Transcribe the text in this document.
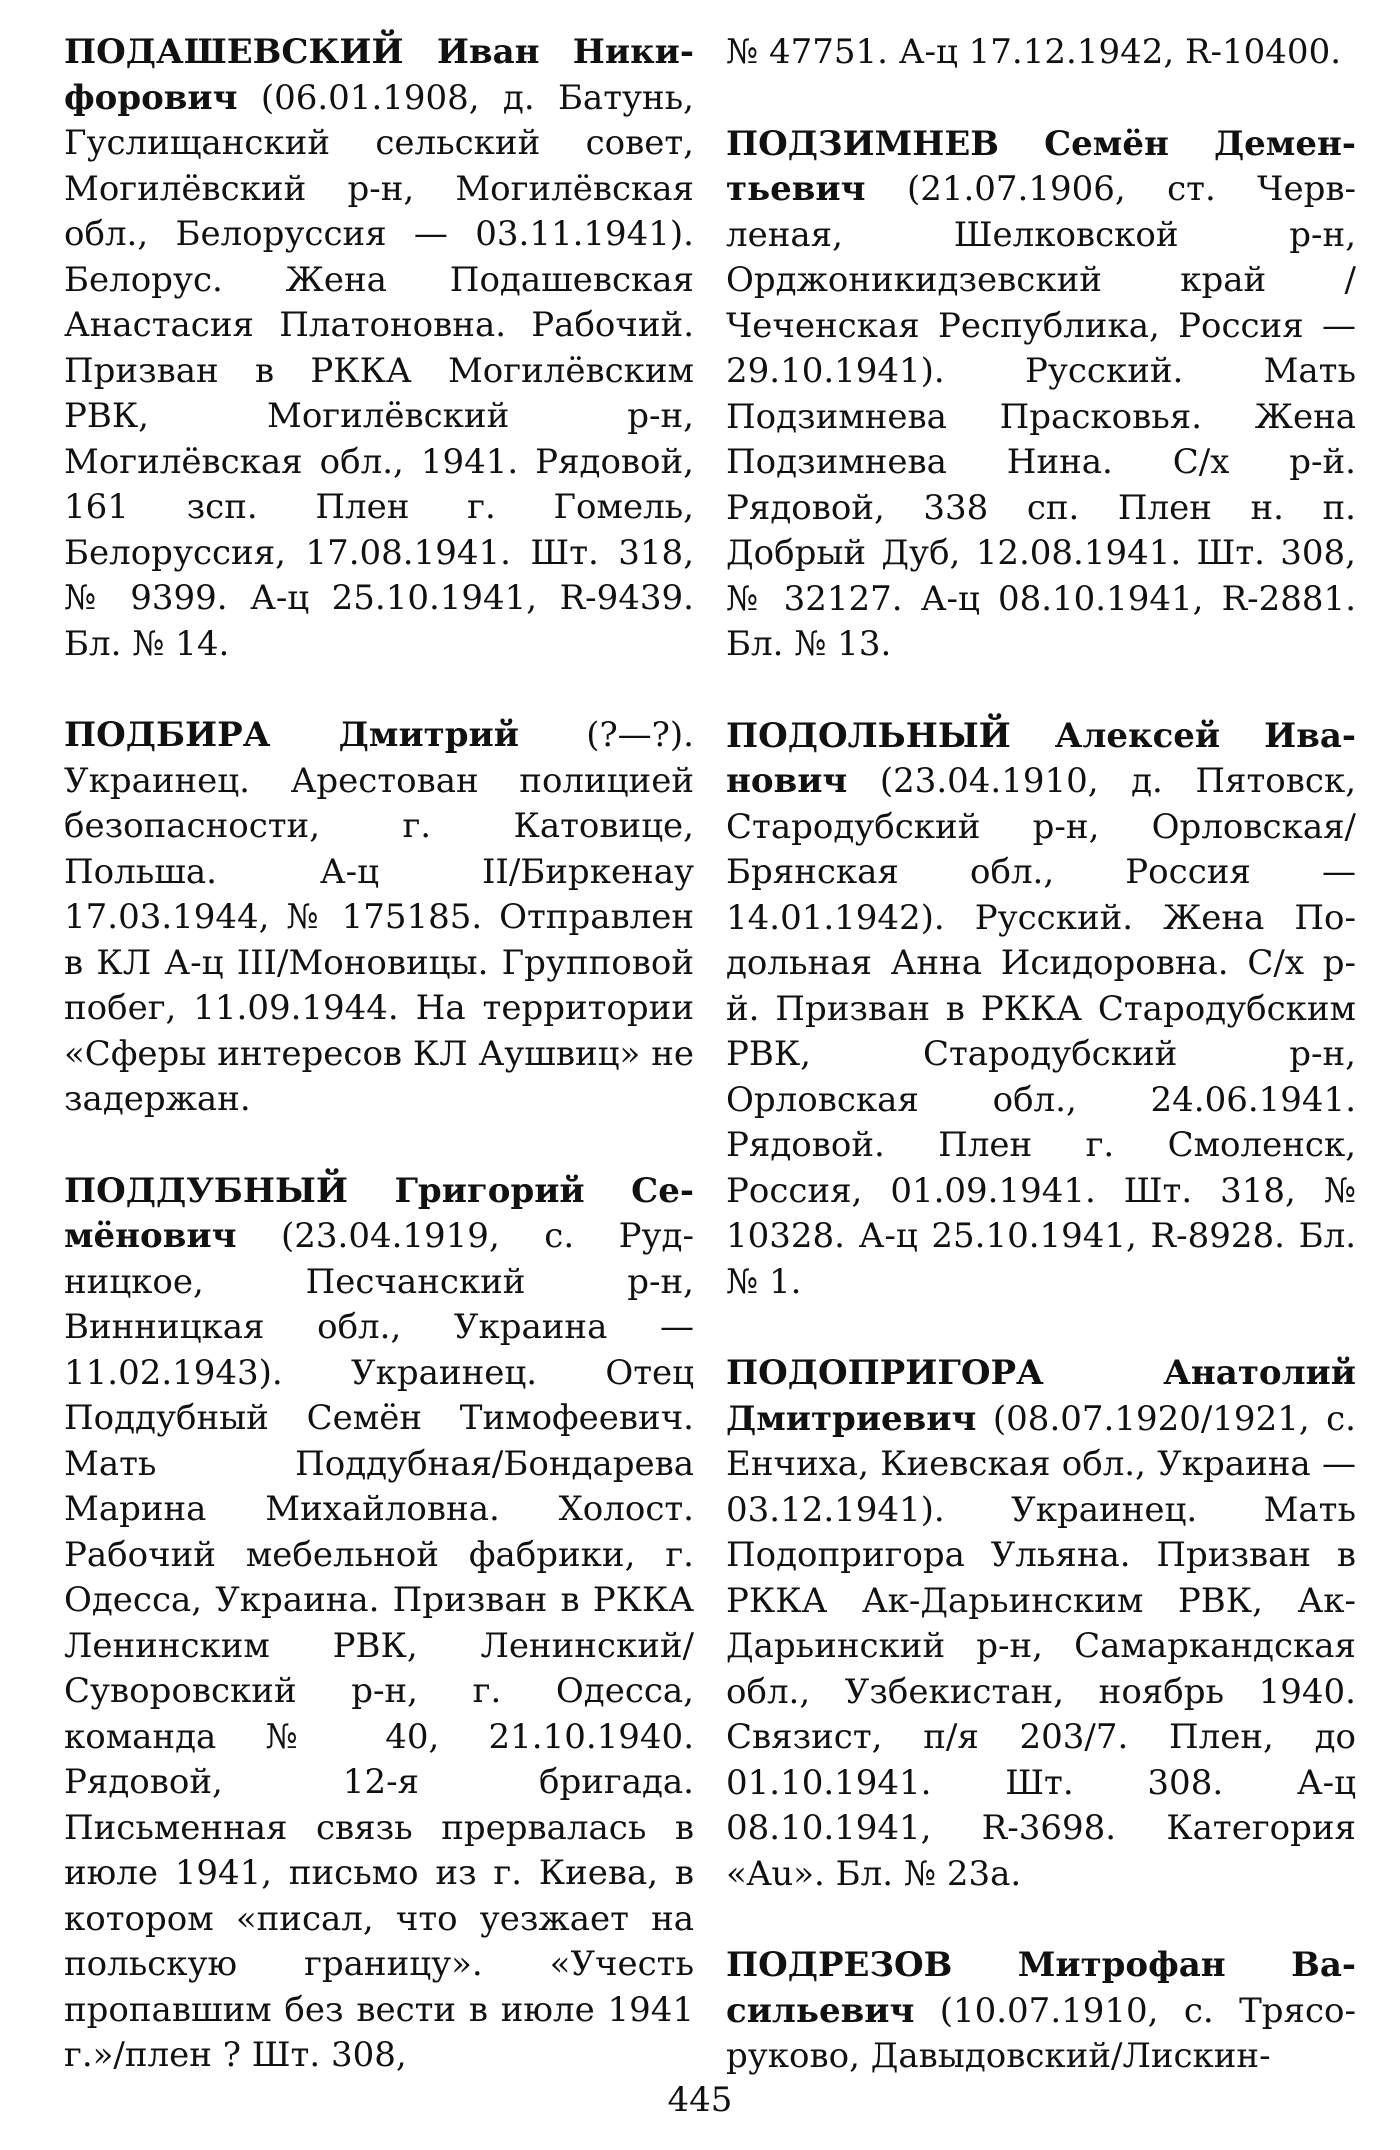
ПОДАШЕВСКИЙ Иван Никифорович (06.01.1908, д. Батунь, Гуслищанский сельский совет, Могилёвский р-н, Могилёвская обл., Белоруссия — 03.11.1941). Белорус. Жена Подашевская Анастасия Платоновна. Рабочий. Призван в РККА Могилёвским РВК, Могилёвский р-н, Могилёвская обл., 1941. Рядовой, 161 зсп. Плен г. Гомель, Белоруссия, 17.08.1941. Шт. 318, № 9399. А-ц 25.10.1941, R-9439. Бл. № 14.

ПОДБИРА Дмитрий (?—?). Украинец. Арестован полицией безопасности, г. Катовице, Польша. А-ц II/Биркенау 17.03.1944, № 175185. Отправлен в КЛ А-ц III/Моновицы. Групповой побег, 11.09.1944. На территории «Сферы интересов КЛ Аушвиц» не задержан.

ПОДДУБНЫЙ Григорий Семёнович (23.04.1919, с. Рудницкое, Песчанский р-н, Винницкая обл., Украина — 11.02.1943). Украинец. Отец Поддубный Семён Тимофеевич. Мать Поддубная/Бондарева Марина Михайловна. Холост. Рабочий мебельной фабрики, г. Одесса, Украина. Призван в РККА Ленинским РВК, Ленинский/Суворовский р-н, г. Одесса, команда № 40, 21.10.1940. Рядовой, 12-я бригада. Письменная связь прервалась в июле 1941, письмо из г. Киева, в котором «писал, что уезжает на польскую границу». «Учесть пропавшим без вести в июле 1941 г.»/плен ? Шт. 308,

№ 47751. А-ц 17.12.1942, R-10400.

ПОДЗИМНЕВ Семён Дементьевич (21.07.1906, ст. Червленая, Шелковской р-н, Орджоникидзевский край / Чеченская Республика, Россия — 29.10.1941). Русский. Мать Подзимнева Прасковья. Жена Подзимнева Нина. С/х р-й. Рядовой, 338 сп. Плен н. п. Добрый Дуб, 12.08.1941. Шт. 308, № 32127. А-ц 08.10.1941, R-2881. Бл. № 13.

ПОДОЛЬНЫЙ Алексей Иванович (23.04.1910, д. Пятовск, Стародубский р-н, Орловская/Брянская обл., Россия — 14.01.1942). Русский. Жена Подольная Анна Исидоровна. С/х р-й. Призван в РККА Стародубским РВК, Стародубский р-н, Орловская обл., 24.06.1941. Рядовой. Плен г. Смоленск, Россия, 01.09.1941. Шт. 318, № 10328. А-ц 25.10.1941, R-8928. Бл. № 1.

ПОДОПРИГОРА Анатолий Дмитриевич (08.07.1920/1921, с. Енчиха, Киевская обл., Украина — 03.12.1941). Украинец. Мать Подопригора Ульяна. Призван в РККА Ак-Дарьинским РВК, Ак-Дарьинский р-н, Самаркандская обл., Узбекистан, ноябрь 1940. Связист, п/я 203/7. Плен, до 01.10.1941. Шт. 308. А-ц 08.10.1941, R-3698. Категория «Au». Бл. № 23а.

ПОДРЕЗОВ Митрофан Васильевич (10.07.1910, с. Трясоруково, Давыдовский/Лискин-

445
